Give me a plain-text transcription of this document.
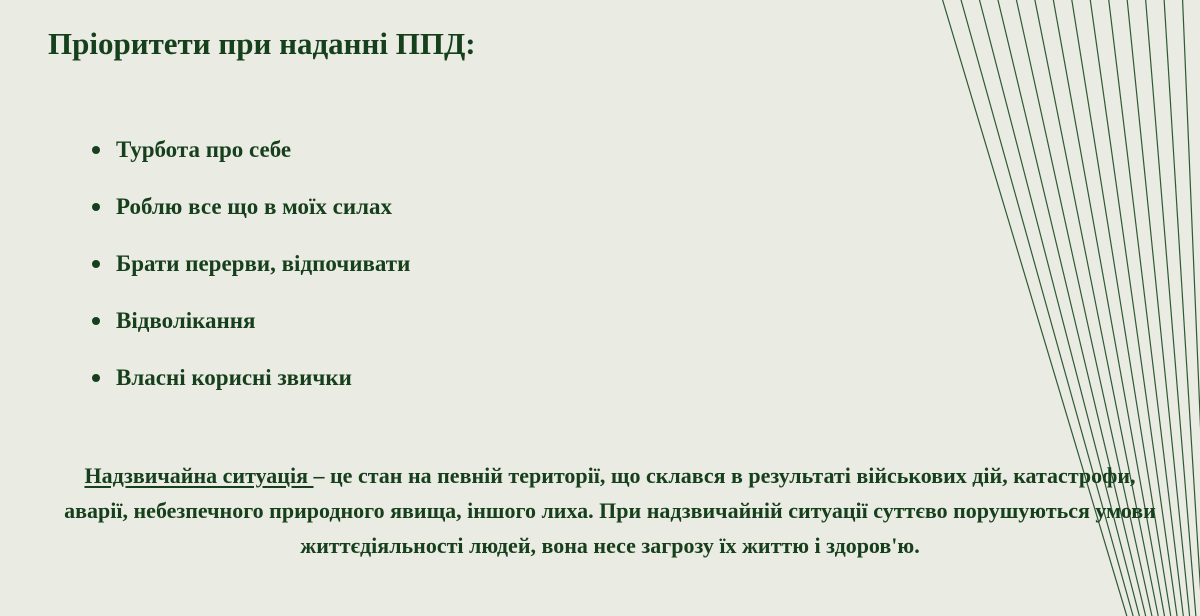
Пріоритети при наданні ППД:
Турбота про себе
Роблю все що в моїх силах
Брати перерви, відпочивати
Відволікання
Власні корисні звички

Надзвичайна ситуація – це стан на певній території, що склався в результаті військових дій, катастрофи, аварії, небезпечного природного явища, іншого лиха. При надзвичайній ситуації суттєво порушуються умови життєдіяльності людей, вона несе загрозу їх життю і здоров'ю.
